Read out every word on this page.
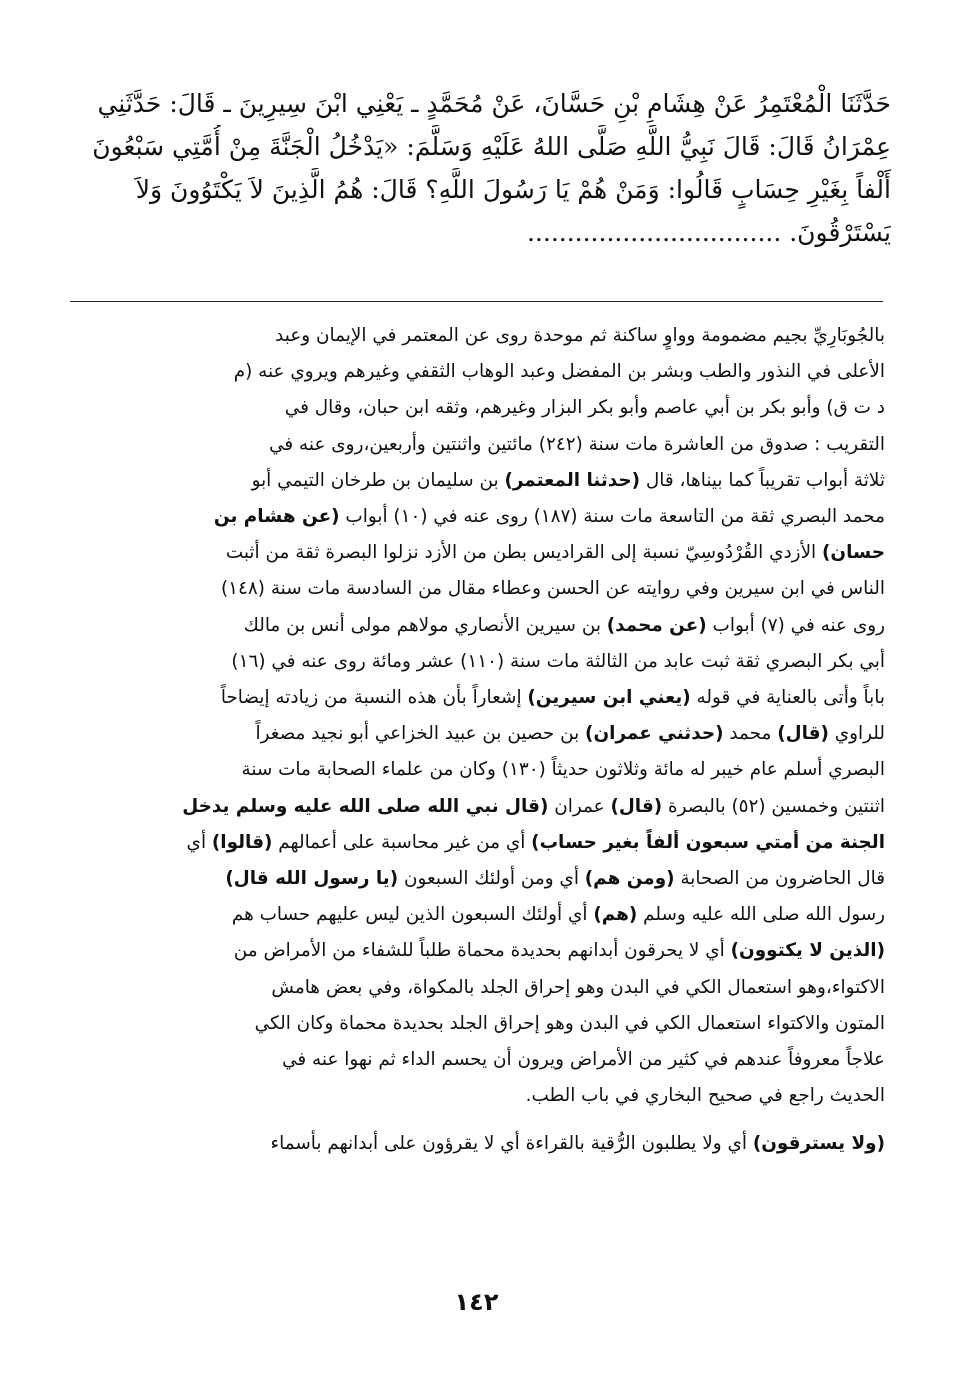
حَدَّثَنَا الْمُعْتَمِرُ عَنْ هِشَامِ بْنِ حَسَّانَ، عَنْ مُحَمَّدٍ ـ يَعْنِي ابْنَ سِيرِينَ ـ قَالَ: حَدَّثَنِي
عِمْرَانُ قَالَ: قَالَ نَبِيُّ اللَّهِ صَلَّى اللهُ عَلَيْهِ وَسَلَّمَ: «يَدْخُلُ الْجَنَّةَ مِنْ أُمَّتِي سَبْعُونَ
أَلْفاً بِغَيْرِ حِسَابٍ قَالُوا: وَمَنْ هُمْ يَا رَسُولَ اللَّهِ؟ قَالَ: هُمُ الَّذِينَ لاَ يَكْتَوُونَ وَلاَ
يَسْتَرْقُونَ. ................................
بالجُوبَارِيِّ بجيم مضمومة وواوٍ ساكنة ثم موحدة روى عن المعتمر في الإيمان وعبد
الأعلى في النذور والطب وبشر بن المفضل وعبد الوهاب الثقفي وغيرهم ويروي عنه (م
د ت ق) وأبو بكر بن أبي عاصم وأبو بكر البزار وغيرهم، وثقه ابن حبان، وقال في
التقريب : صدوق من العاشرة مات سنة (٢٤٢) مائتين واثنتين وأربعين،روى عنه في
ثلاثة أبواب تقريباً كما بيناها، قال (حدثنا المعتمر) بن سليمان بن طرخان التيمي أبو
محمد البصري ثقة من التاسعة مات سنة (١٨٧) روى عنه في (١٠) أبواب (عن هشام بن
حسان) الأزدي القُرْدُوسِيّ نسبة إلى القراديس بطن من الأزد نزلوا البصرة ثقة من أثبت
الناس في ابن سيرين وفي روايته عن الحسن وعطاء مقال من السادسة مات سنة (١٤٨)
روى عنه في (٧) أبواب (عن محمد) بن سيرين الأنصاري مولاهم مولى أنس بن مالك
أبي بكر البصري ثقة ثبت عابد من الثالثة مات سنة (١١٠) عشر ومائة روى عنه في (١٦)
باباً وأتى بالعناية في قوله (يعني ابن سيرين) إشعاراً بأن هذه النسبة من زيادته إيضاحاً
للراوي (قال) محمد (حدثني عمران) بن حصين بن عبيد الخزاعي أبو نجيد مصغراً
البصري أسلم عام خيبر له مائة وثلاثون حديثاً (١٣٠) وكان من علماء الصحابة مات سنة
اثنتين وخمسين (٥٢) بالبصرة (قال) عمران (قال نبي الله صلى الله عليه وسلم يدخل
الجنة من أمتي سبعون ألفاً بغير حساب) أي من غير محاسبة على أعمالهم (قالوا) أي
قال الحاضرون من الصحابة (ومن هم) أي ومن أولئك السبعون (يا رسول الله قال)
رسول الله صلى الله عليه وسلم (هم) أي أولئك السبعون الذين ليس عليهم حساب هم
(الذين لا يكتوون) أي لا يحرقون أبدانهم بحديدة محماة طلباً للشفاء من الأمراض من
الاكتواء،وهو استعمال الكي في البدن وهو إحراق الجلد بالمكواة، وفي بعض هامش
المتون والاكتواء استعمال الكي في البدن وهو إحراق الجلد بحديدة محماة وكان الكي
علاجاً معروفاً عندهم في كثير من الأمراض ويرون أن يحسم الداء ثم نهوا عنه في
الحديث راجع في صحيح البخاري في باب الطب.
(ولا يسترقون) أي ولا يطلبون الرُّقية بالقراءة أي لا يقرؤون على أبدانهم بأسماء
١٤٢
